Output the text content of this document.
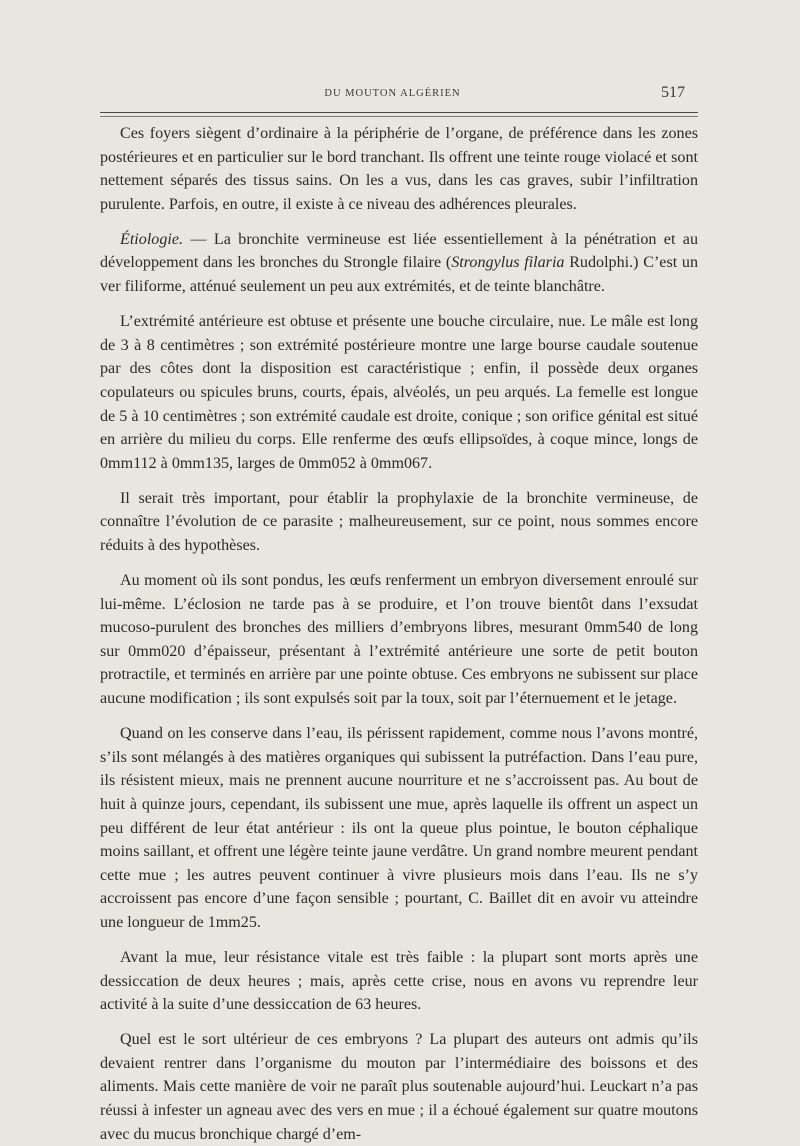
DU MOUTON ALGÉRIEN	517

Ces foyers siègent d’ordinaire à la périphérie de l’organe, de préférence dans les zones postérieures et en particulier sur le bord tranchant. Ils offrent une teinte rouge violacé et sont nettement séparés des tissus sains. On les a vus, dans les cas graves, subir l’infiltration purulente. Parfois, en outre, il existe à ce niveau des adhérences pleurales.

Étiologie. — La bronchite vermineuse est liée essentiellement à la pénétration et au développement dans les bronches du Strongle filaire (Strongylus filaria Rudolphi.) C’est un ver filiforme, atténué seulement un peu aux extrémités, et de teinte blanchâtre.

L’extrémité antérieure est obtuse et présente une bouche circulaire, nue. Le mâle est long de 3 à 8 centimètres ; son extrémité postérieure montre une large bourse caudale soutenue par des côtes dont la disposition est caractéristique ; enfin, il possède deux organes copulateurs ou spicules bruns, courts, épais, alvéolés, un peu arqués. La femelle est longue de 5 à 10 centimètres ; son extrémité caudale est droite, conique ; son orifice génital est situé en arrière du milieu du corps. Elle renferme des œufs ellipsoïdes, à coque mince, longs de 0mm112 à 0mm135, larges de 0mm052 à 0mm067.

Il serait très important, pour établir la prophylaxie de la bronchite vermineuse, de connaître l’évolution de ce parasite ; malheureusement, sur ce point, nous sommes encore réduits à des hypothèses.

Au moment où ils sont pondus, les œufs renferment un embryon diversement enroulé sur lui-même. L’éclosion ne tarde pas à se produire, et l’on trouve bientôt dans l’exsudat mucoso-purulent des bronches des milliers d’embryons libres, mesurant 0mm540 de long sur 0mm020 d’épaisseur, présentant à l’extrémité antérieure une sorte de petit bouton protractile, et terminés en arrière par une pointe obtuse. Ces embryons ne subissent sur place aucune modification ; ils sont expulsés soit par la toux, soit par l’éternuement et le jetage.

Quand on les conserve dans l’eau, ils périssent rapidement, comme nous l’avons montré, s’ils sont mélangés à des matières organiques qui subissent la putréfaction. Dans l’eau pure, ils résistent mieux, mais ne prennent aucune nourriture et ne s’accroissent pas. Au bout de huit à quinze jours, cependant, ils subissent une mue, après laquelle ils offrent un aspect un peu différent de leur état antérieur : ils ont la queue plus pointue, le bouton céphalique moins saillant, et offrent une légère teinte jaune verdâtre. Un grand nombre meurent pendant cette mue ; les autres peuvent continuer à vivre plusieurs mois dans l’eau. Ils ne s’y accroissent pas encore d’une façon sensible ; pourtant, C. Baillet dit en avoir vu atteindre une longueur de 1mm25.

Avant la mue, leur résistance vitale est très faible : la plupart sont morts après une dessiccation de deux heures ; mais, après cette crise, nous en avons vu reprendre leur activité à la suite d’une dessiccation de 63 heures.

Quel est le sort ultérieur de ces embryons ? La plupart des auteurs ont admis qu’ils devaient rentrer dans l’organisme du mouton par l’intermédiaire des boissons et des aliments. Mais cette manière de voir ne paraît plus soutenable aujourd’hui. Leuckart n’a pas réussi à infester un agneau avec des vers en mue ; il a échoué également sur quatre moutons avec du mucus bronchique chargé d’em-
